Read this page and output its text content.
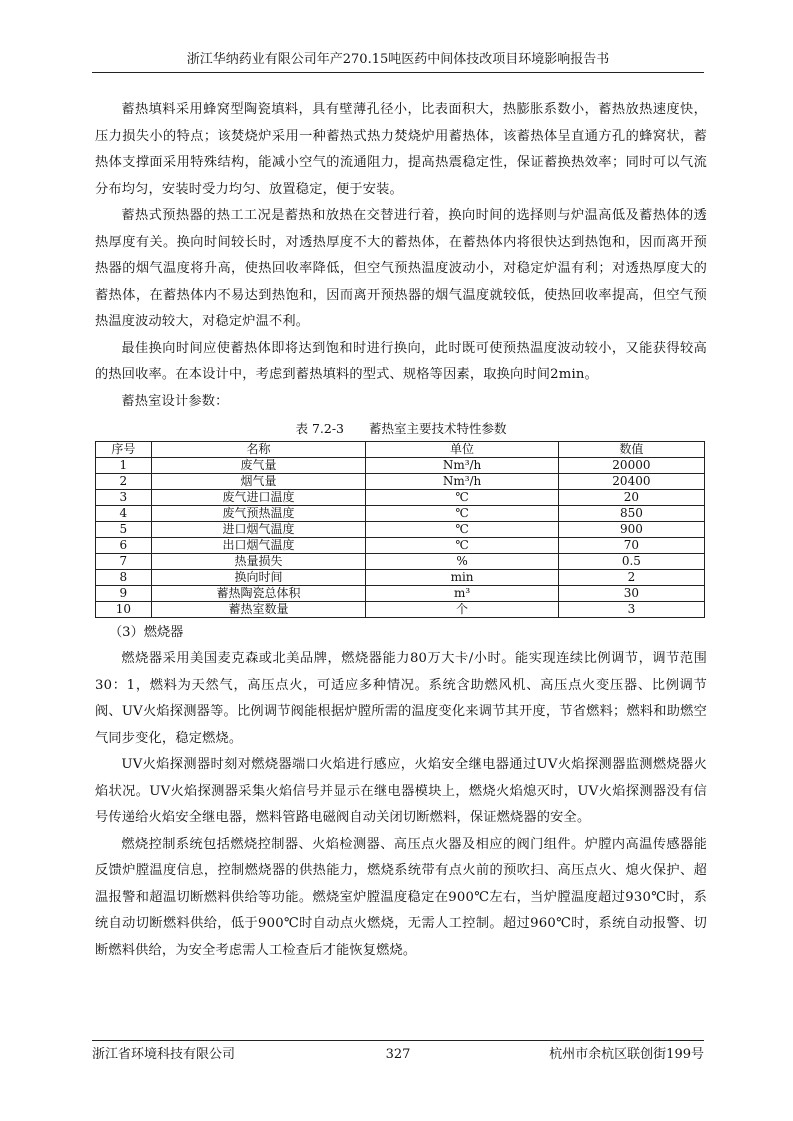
浙江华纳药业有限公司年产270.15吨医药中间体技改项目环境影响报告书

蓄热填料采用蜂窝型陶瓷填料，具有壁薄孔径小，比表面积大，热膨胀系数小，蓄热放热速度快，压力损失小的特点；该焚烧炉采用一种蓄热式热力焚烧炉用蓄热体，该蓄热体呈直通方孔的蜂窝状，蓄热体支撑面采用特殊结构，能减小空气的流通阻力，提高热震稳定性，保证蓄换热效率；同时可以气流分布均匀，安装时受力均匀、放置稳定，便于安装。

蓄热式预热器的热工工况是蓄热和放热在交替进行着，换向时间的选择则与炉温高低及蓄热体的透热厚度有关。换向时间较长时，对透热厚度不大的蓄热体，在蓄热体内将很快达到热饱和，因而离开预热器的烟气温度将升高，使热回收率降低，但空气预热温度波动小，对稳定炉温有利；对透热厚度大的蓄热体，在蓄热体内不易达到热饱和，因而离开预热器的烟气温度就较低，使热回收率提高，但空气预热温度波动较大，对稳定炉温不利。

最佳换向时间应使蓄热体即将达到饱和时进行换向，此时既可使预热温度波动较小，又能获得较高的热回收率。在本设计中，考虑到蓄热填料的型式、规格等因素，取换向时间2min。

蓄热室设计参数：

表 7.2-3　　蓄热室主要技术特性参数
序号	名称	单位	数值
1	废气量	Nm³/h	20000
2	烟气量	Nm³/h	20400
3	废气进口温度	℃	20
4	废气预热温度	℃	850
5	进口烟气温度	℃	900
6	出口烟气温度	℃	70
7	热量损失	%	0.5
8	换向时间	min	2
9	蓄热陶瓷总体积	m³	30
10	蓄热室数量	个	3

（3）燃烧器

燃烧器采用美国麦克森或北美品牌，燃烧器能力80万大卡/小时。能实现连续比例调节，调节范围30：1，燃料为天然气，高压点火，可适应多种情况。系统含助燃风机、高压点火变压器、比例调节阀、UV火焰探测器等。比例调节阀能根据炉膛所需的温度变化来调节其开度，节省燃料；燃料和助燃空气同步变化，稳定燃烧。

UV火焰探测器时刻对燃烧器端口火焰进行感应，火焰安全继电器通过UV火焰探测器监测燃烧器火焰状况。UV火焰探测器采集火焰信号并显示在继电器模块上，燃烧火焰熄灭时，UV火焰探测器没有信号传递给火焰安全继电器，燃料管路电磁阀自动关闭切断燃料，保证燃烧器的安全。

燃烧控制系统包括燃烧控制器、火焰检测器、高压点火器及相应的阀门组件。炉膛内高温传感器能反馈炉膛温度信息，控制燃烧器的供热能力，燃烧系统带有点火前的预吹扫、高压点火、熄火保护、超温报警和超温切断燃料供给等功能。燃烧室炉膛温度稳定在900℃左右，当炉膛温度超过930℃时，系统自动切断燃料供给，低于900℃时自动点火燃烧，无需人工控制。超过960℃时，系统自动报警、切断燃料供给，为安全考虑需人工检查后才能恢复燃烧。

浙江省环境科技有限公司	327	杭州市余杭区联创街199号
